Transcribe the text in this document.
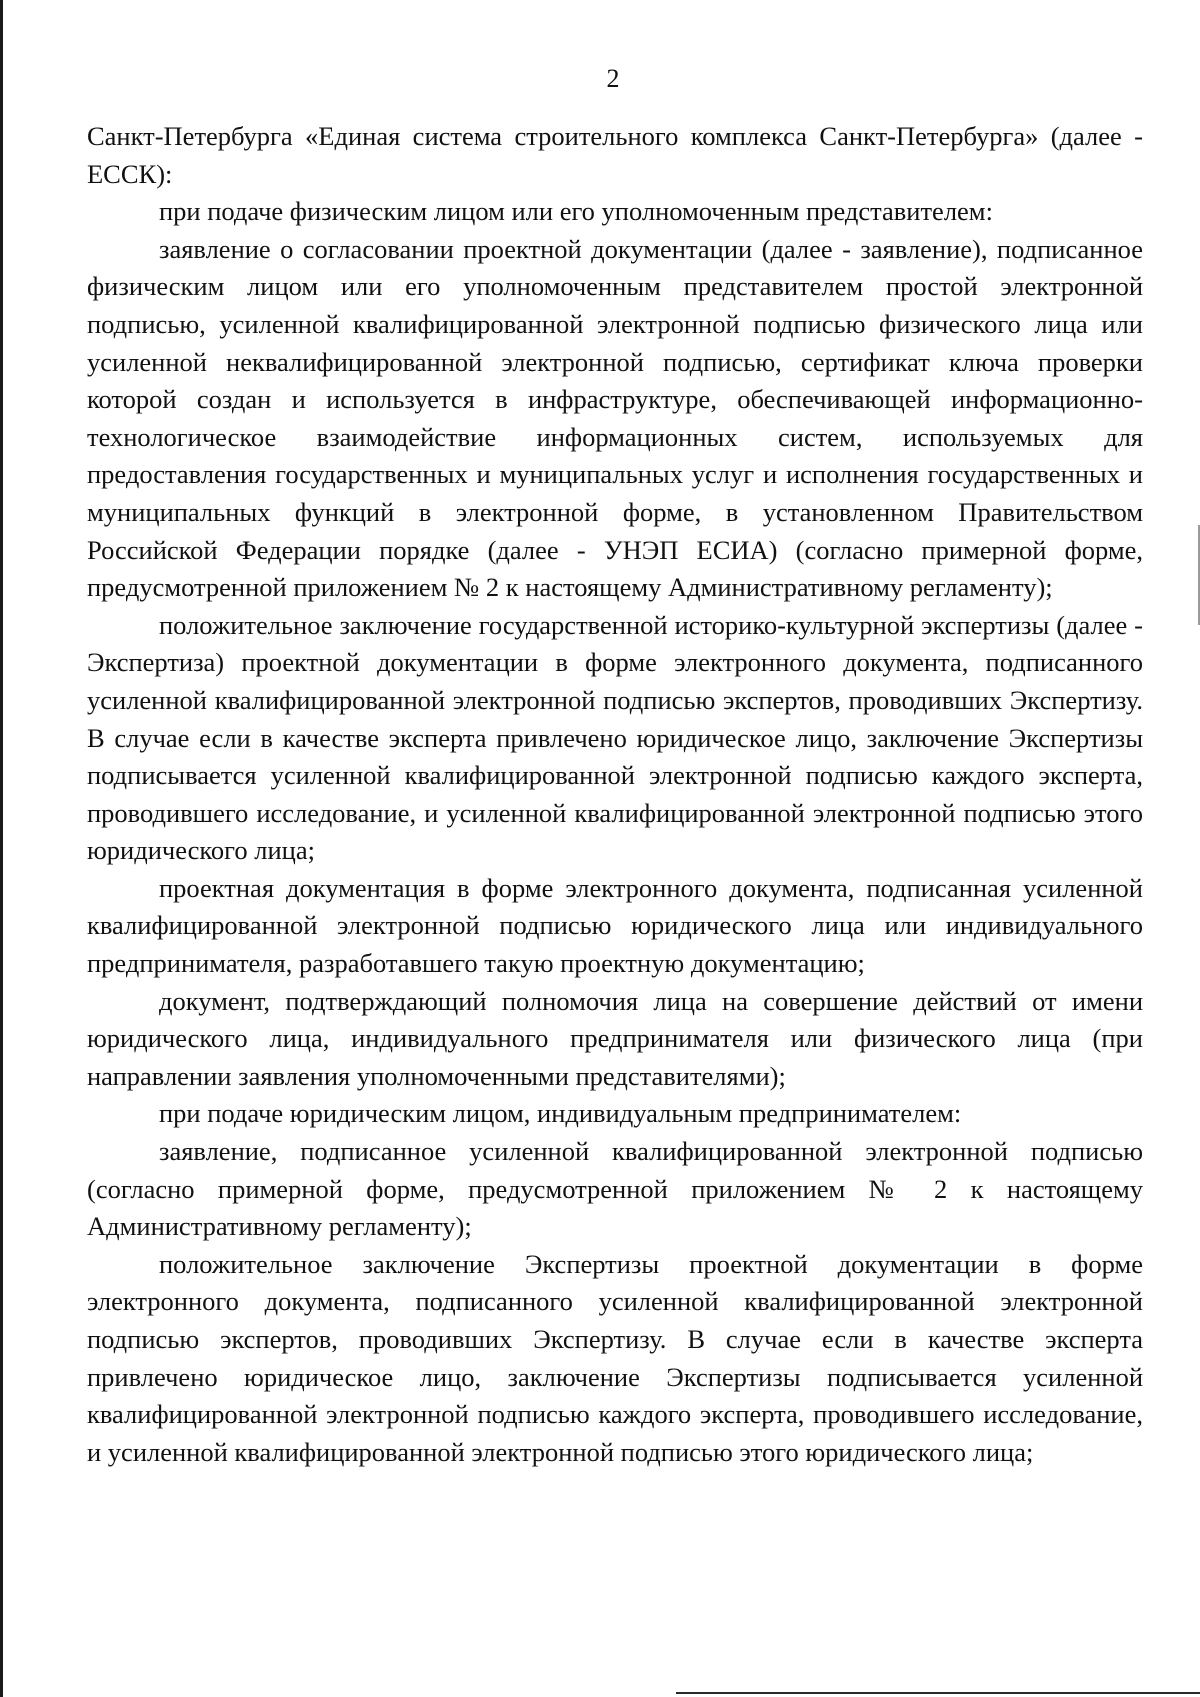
2

Санкт-Петербурга «Единая система строительного комплекса Санкт-Петербурга» (далее - ЕССК):

при подаче физическим лицом или его уполномоченным представителем:

заявление о согласовании проектной документации (далее - заявление), подписанное физическим лицом или его уполномоченным представителем простой электронной подписью, усиленной квалифицированной электронной подписью физического лица или усиленной неквалифицированной электронной подписью, сертификат ключа проверки которой создан и используется в инфраструктуре, обеспечивающей информационно-технологическое взаимодействие информационных систем, используемых для предоставления государственных и муниципальных услуг и исполнения государственных и муниципальных функций в электронной форме, в установленном Правительством Российской Федерации порядке (далее - УНЭП ЕСИА) (согласно примерной форме, предусмотренной приложением № 2 к настоящему Административному регламенту);

положительное заключение государственной историко-культурной экспертизы (далее - Экспертиза) проектной документации в форме электронного документа, подписанного усиленной квалифицированной электронной подписью экспертов, проводивших Экспертизу. В случае если в качестве эксперта привлечено юридическое лицо, заключение Экспертизы подписывается усиленной квалифицированной электронной подписью каждого эксперта, проводившего исследование, и усиленной квалифицированной электронной подписью этого юридического лица;

проектная документация в форме электронного документа, подписанная усиленной квалифицированной электронной подписью юридического лица или индивидуального предпринимателя, разработавшего такую проектную документацию;

документ, подтверждающий полномочия лица на совершение действий от имени юридического лица, индивидуального предпринимателя или физического лица (при направлении заявления уполномоченными представителями);

при подаче юридическим лицом, индивидуальным предпринимателем:

заявление, подписанное усиленной квалифицированной электронной подписью (согласно примерной форме, предусмотренной приложением № 2 к настоящему Административному регламенту);

положительное заключение Экспертизы проектной документации в форме электронного документа, подписанного усиленной квалифицированной электронной подписью экспертов, проводивших Экспертизу. В случае если в качестве эксперта привлечено юридическое лицо, заключение Экспертизы подписывается усиленной квалифицированной электронной подписью каждого эксперта, проводившего исследование, и усиленной квалифицированной электронной подписью этого юридического лица;
